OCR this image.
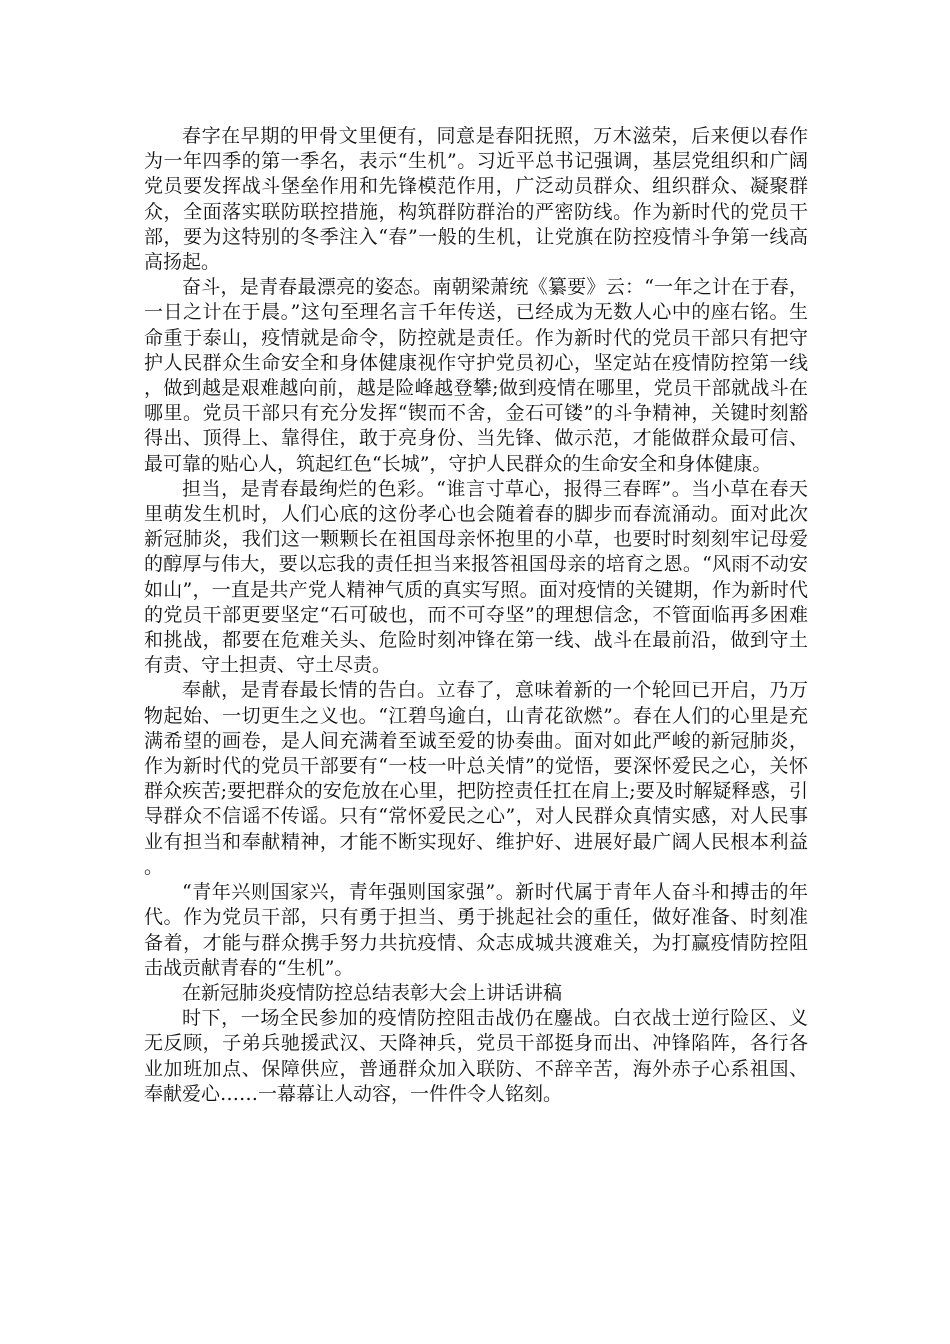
春字在早期的甲骨文里便有，同意是春阳抚照，万木滋荣，后来便以春作为一年四季的第一季名，表示“生机”。习近平总书记强调，基层党组织和广阔党员要发挥战斗堡垒作用和先锋模范作用，广泛动员群众、组织群众、凝聚群众，全面落实联防联控措施，构筑群防群治的严密防线。作为新时代的党员干部，要为这特别的冬季注入“春”一般的生机，让党旗在防控疫情斗争第一线高高扬起。

奋斗，是青春最漂亮的姿态。南朝梁萧统《纂要》云：“一年之计在于春，一日之计在于晨。”这句至理名言千年传送，已经成为无数人心中的座右铭。生命重于泰山，疫情就是命令，防控就是责任。作为新时代的党员干部只有把守护人民群众生命安全和身体健康视作守护党员初心，坚定站在疫情防控第一线，做到越是艰难越向前，越是险峰越登攀;做到疫情在哪里，党员干部就战斗在哪里。党员干部只有充分发挥“锲而不舍，金石可镂”的斗争精神，关键时刻豁得出、顶得上、靠得住，敢于亮身份、当先锋、做示范，才能做群众最可信、最可靠的贴心人，筑起红色“长城”，守护人民群众的生命安全和身体健康。

担当，是青春最绚烂的色彩。“谁言寸草心，报得三春晖”。当小草在春天里萌发生机时，人们心底的这份孝心也会随着春的脚步而春流涌动。面对此次新冠肺炎，我们这一颗颗长在祖国母亲怀抱里的小草，也要时时刻刻牢记母爱的醇厚与伟大，要以忘我的责任担当来报答祖国母亲的培育之恩。“风雨不动安如山”，一直是共产党人精神气质的真实写照。面对疫情的关键期，作为新时代的党员干部更要坚定“石可破也，而不可夺坚”的理想信念，不管面临再多困难和挑战，都要在危难关头、危险时刻冲锋在第一线、战斗在最前沿，做到守土有责、守土担责、守土尽责。

奉献，是青春最长情的告白。立春了，意味着新的一个轮回已开启，乃万物起始、一切更生之义也。“江碧鸟逾白，山青花欲燃”。春在人们的心里是充满希望的画卷，是人间充满着至诚至爱的协奏曲。面对如此严峻的新冠肺炎，作为新时代的党员干部要有“一枝一叶总关情”的觉悟，要深怀爱民之心，关怀群众疾苦;要把群众的安危放在心里，把防控责任扛在肩上;要及时解疑释惑，引导群众不信谣不传谣。只有“常怀爱民之心”，对人民群众真情实感，对人民事业有担当和奉献精神，才能不断实现好、维护好、进展好最广阔人民根本利益。

“青年兴则国家兴，青年强则国家强”。新时代属于青年人奋斗和搏击的年代。作为党员干部，只有勇于担当、勇于挑起社会的重任，做好准备、时刻准备着，才能与群众携手努力共抗疫情、众志成城共渡难关，为打赢疫情防控阻击战贡献青春的“生机”。

在新冠肺炎疫情防控总结表彰大会上讲话讲稿

时下，一场全民参加的疫情防控阻击战仍在鏖战。白衣战士逆行险区、义无反顾，子弟兵驰援武汉、天降神兵，党员干部挺身而出、冲锋陷阵，各行各业加班加点、保障供应，普通群众加入联防、不辞辛苦，海外赤子心系祖国、奉献爱心……一幕幕让人动容，一件件令人铭刻。
